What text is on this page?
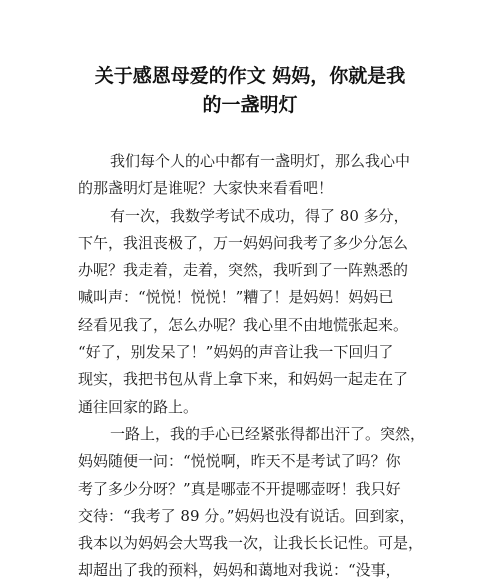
关于感恩母爱的作文 妈妈，你就是我
的一盏明灯
我们每个人的心中都有一盏明灯，那么我心中
的那盏明灯是谁呢？大家快来看看吧！
有一次，我数学考试不成功，得了 80 多分，
下午，我沮丧极了，万一妈妈问我考了多少分怎么
办呢？我走着，走着，突然，我听到了一阵熟悉的
喊叫声：“悦悦！悦悦！”糟了！是妈妈！妈妈已
经看见我了，怎么办呢？我心里不由地慌张起来。
“好了，别发呆了！”妈妈的声音让我一下回归了
现实，我把书包从背上拿下来，和妈妈一起走在了
通往回家的路上。
一路上，我的手心已经紧张得都出汗了。突然，
妈妈随便一问：“悦悦啊，昨天不是考试了吗？你
考了多少分呀？”真是哪壶不开提哪壶呀！我只好
交待：“我考了 89 分。”妈妈也没有说话。回到家，
我本以为妈妈会大骂我一次，让我长长记性。可是，
却超出了我的预料，妈妈和蔼地对我说：“没事，
